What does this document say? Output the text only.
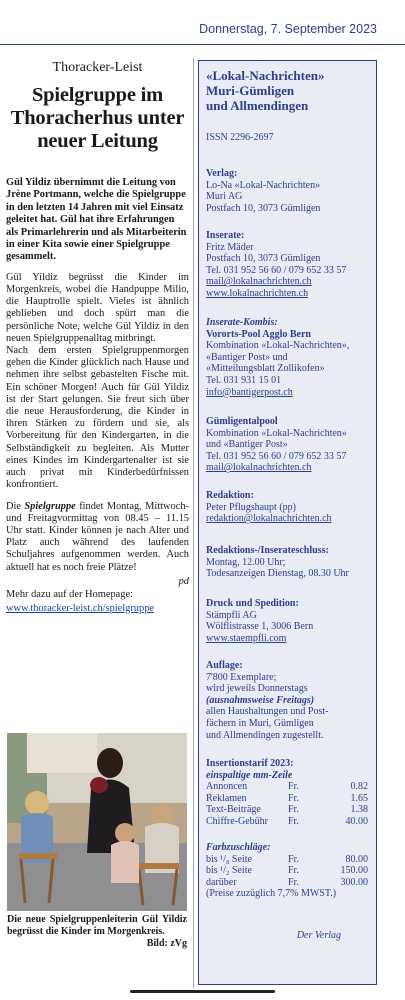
Donnerstag, 7. September 2023
Thoracker-Leist
Spielgruppe im Thoracherhus unter neuer Leitung
Gül Yildiz übernimmt die Leitung von Jrène Portmann, welche die Spielgruppe in den letzten 14 Jahren mit viel Einsatz geleitet hat. Gül hat ihre Erfahrungen als Primarlehrerin und als Mitarbeiterin in einer Kita sowie einer Spielgruppe gesammelt.

Gül Yildiz begrüsst die Kinder im Morgenkreis, wobei die Handpuppe Milio, die Hauptrolle spielt. Vieles ist ähnlich geblieben und doch spürt man die persönliche Note, welche Gül Yildiz in den neuen Spielgruppenalltag mitbringt.

Nach dem ersten Spielgruppenmorgen gehen die Kinder glücklich nach Hause und nehmen ihre selbst gebastelten Fische mit. Ein schöner Morgen! Auch für Gül Yildiz ist der Start gelungen. Sie freut sich über die neue Herausforderung, die Kinder in ihren Stärken zu fördern und sie, als Vorbereitung für den Kindergarten, in die Selbständigkeit zu begleiten. Als Mutter eines Kindes im Kindergartenalter ist sie auch privat mit Kinderbedürfnissen konfrontiert.

Die Spielgruppe findet Montag, Mittwoch- und Freitagvormittag von 08.45 – 11.15 Uhr statt. Kinder können je nach Alter und Platz auch während des laufenden Schuljahres aufgenommen werden. Auch aktuell hat es noch freie Plätze!

pd
Mehr dazu auf der Homepage:
www.thoracker-leist.ch/spielgruppe
Die neue Spielgruppenleiterin Gül Yildiz begrüsst die Kinder im Morgenkreis.
Bild: zVg
«Lokal-Nachrichten»
Muri-Gümligen
und Allmendingen
ISSN 2296-2697
Verlag:
Lo-Na «Lokal-Nachrichten»
Muri AG
Postfach 10, 3073 Gümligen
Inserate:
Fritz Mäder
Postfach 10, 3073 Gümligen
Tel. 031 952 56 60 / 079 652 33 57
mail@lokalnachrichten.ch
www.lokalnachrichten.ch
Inserate-Kombis:
Vororts-Pool Agglo Bern
Kombination «Lokal-Nachrichten»,
«Bantiger Post» und
«Mitteilungsblatt Zollikofen»
Tel. 031 931 15 01
info@bantigerpost.ch
Gümligentalpool
Kombination «Lokal-Nachrichten»
und «Bantiger Post»
Tel. 031 952 56 60 / 079 652 33 57
mail@lokalnachrichten.ch
Redaktion:
Peter Pflugshaupt (pp)
redaktion@lokalnachrichten.ch
Redaktions-/Inserateschluss:
Montag, 12.00 Uhr;
Todesanzeigen Dienstag, 08.30 Uhr
Druck und Spedition:
Stämpfli AG
Wölflistrasse 1, 3006 Bern
www.staempfli.com
Auflage:
7'800 Exemplare;
wird jeweils Donnerstags
(ausnahmsweise Freitags)
allen Haushaltungen und Post-
fächern in Muri, Gümligen
und Allmendingen zugestellt.
Insertionstarif 2023:
einspaltige mm-Zeile
Annoncen	Fr.	0.82
Reklamen	Fr.	1.65
Text-Beiträge	Fr.	1.38
Chiffre-Gebühr	Fr.	40.00
Farbzuschläge:
bis ¹/₈ Seite	Fr.	80.00
bis ¹/₂ Seite	Fr.	150.00
darüber	Fr.	300.00
(Preise zuzüglich 7,7% MWST.)
Der Verlag
